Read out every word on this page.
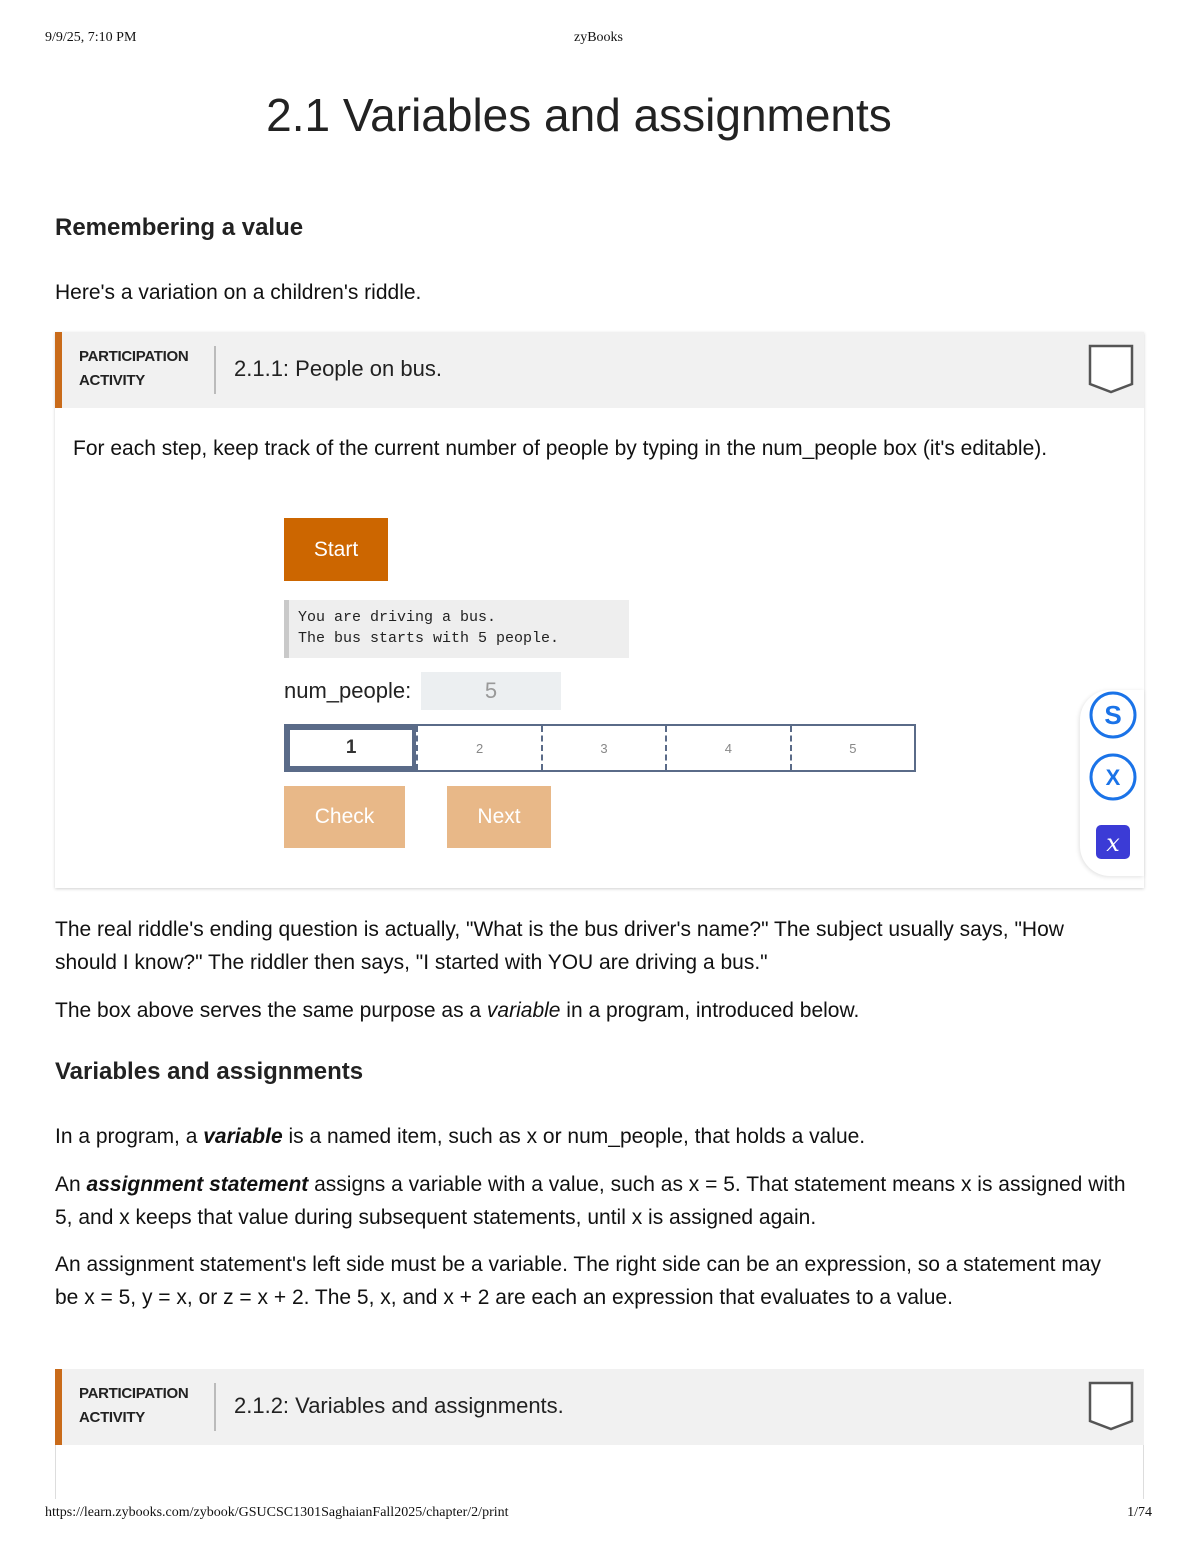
9/9/25, 7:10 PM	zyBooks
2.1 Variables and assignments
Remembering a value

Here's a variation on a children's riddle.

PARTICIPATION
ACTIVITY	2.1.1: People on bus.

For each step, keep track of the current number of people by typing in the num_people box (it's editable).

Start
You are driving a bus.
The bus starts with 5 people.
num_people:
5
1	2	3	4	5
Check	Next
S
X
x

The real riddle's ending question is actually, "What is the bus driver's name?" The subject usually says, "How should I know?" The riddler then says, "I started with YOU are driving a bus."

The box above serves the same purpose as a variable in a program, introduced below.

Variables and assignments

In a program, a variable is a named item, such as x or num_people, that holds a value.

An assignment statement assigns a variable with a value, such as x = 5. That statement means x is assigned with 5, and x keeps that value during subsequent statements, until x is assigned again.

An assignment statement's left side must be a variable. The right side can be an expression, so a statement may be x = 5, y = x, or z = x + 2. The 5, x, and x + 2 are each an expression that evaluates to a value.

PARTICIPATION
ACTIVITY	2.1.2: Variables and assignments.
https://learn.zybooks.com/zybook/GSUCSC1301SaghaianFall2025/chapter/2/print	1/74
